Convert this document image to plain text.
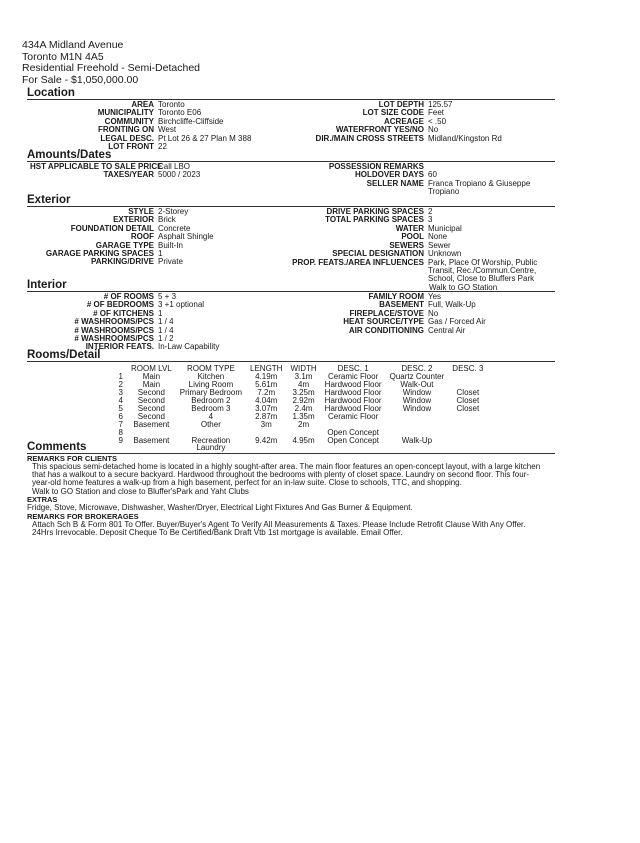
434A Midland Avenue
Toronto M1N 4A5
Residential Freehold - Semi-Detached
For Sale - $1,050,000.00
Location
AREA Toronto
MUNICIPALITY Toronto E06
COMMUNITY Birchcliffe-Cliffside
FRONTING ON West
LEGAL DESC. Pt Lot 26 & 27 Plan M 388
LOT FRONT 22
LOT DEPTH 125.57
LOT SIZE CODE Feet
ACREAGE < .50
WATERFRONT YES/NO No
DIR./MAIN CROSS STREETS Midland/Kingston Rd
Amounts/Dates
HST APPLICABLE TO SALE PRICECall LBO
TAXES/YEAR 5000 / 2023
POSSESSION REMARKS
HOLDOVER DAYS 60
SELLER NAME Franca Tropiano & Giuseppe
Tropiano
Exterior
STYLE 2-Storey
EXTERIOR Brick
FOUNDATION DETAIL Concrete
ROOF Asphalt Shingle
GARAGE TYPE Built-In
GARAGE PARKING SPACES 1
PARKING/DRIVE Private
DRIVE PARKING SPACES 2
TOTAL PARKING SPACES 3
WATER Municipal
POOL None
SEWERS Sewer
SPECIAL DESIGNATION Unknown
PROP. FEATS./AREA INFLUENCES Park, Place Of Worship, Public
Transit, Rec./Commun.Centre,
School, Close to Bluffers Park
Walk to GO Station
Interior
# OF ROOMS 5 + 3
# OF BEDROOMS 3 +1 optional
# OF KITCHENS 1
# WASHROOMS/PCS 1 / 4
# WASHROOMS/PCS 1 / 4
# WASHROOMS/PCS 1 / 2
INTERIOR FEATS. In-Law Capability
FAMILY ROOM Yes
BASEMENT Full, Walk-Up
FIREPLACE/STOVE No
HEAT SOURCE/TYPE Gas / Forced Air
AIR CONDITIONING Central Air
Rooms/Detail
	ROOM LVL	ROOM TYPE	LENGTH	WIDTH	DESC. 1	DESC. 2	DESC. 3
1	Main	Kitchen	4.19m	3.1m	Ceramic Floor	Quartz Counter	
2	Main	Living Room	5.61m	4m	Hardwood Floor	Walk-Out	
3	Second	Primary Bedroom	7.2m	3.25m	Hardwood Floor	Window	Closet
4	Second	Bedroom 2	4.04m	2.92m	Hardwood Floor	Window	Closet
5	Second	Bedroom 3	3.07m	2.4m	Hardwood Floor	Window	Closet
6	Second	4	2.87m	1.35m	Ceramic Floor		
7	Basement	Other	3m	2m			
8					Open Concept		
9	Basement	Recreation	9.42m	4.95m	Open Concept	Walk-Up	
		Laundry					
Comments
REMARKS FOR CLIENTS
This spacious semi-detached home is located in a highly sought-after area. The main floor features an open-concept layout, with a large kitchen
that has a walkout to a secure backyard. Hardwood throughout the bedrooms with plenty of closet space. Laundry on second floor. This four-
year-old home features a walk-up from a high basement, perfect for an in-law suite. Close to schools, TTC, and shopping.
Walk to GO Station and close to Bluffer'sPark and Yaht Clubs
EXTRAS
Fridge, Stove, Microwave, Dishwasher, Washer/Dryer, Electrical Light Fixtures And Gas Burner & Equipment.
REMARKS FOR BROKERAGES
Attach Sch B & Form 801 To Offer. Buyer/Buyer's Agent To Verify All Measurements & Taxes. Please Include Retrofit Clause With Any Offer.
24Hrs Irrevocable. Deposit Cheque To Be Certified/Bank Draft Vtb 1st mortgage is available. Email Offer.
